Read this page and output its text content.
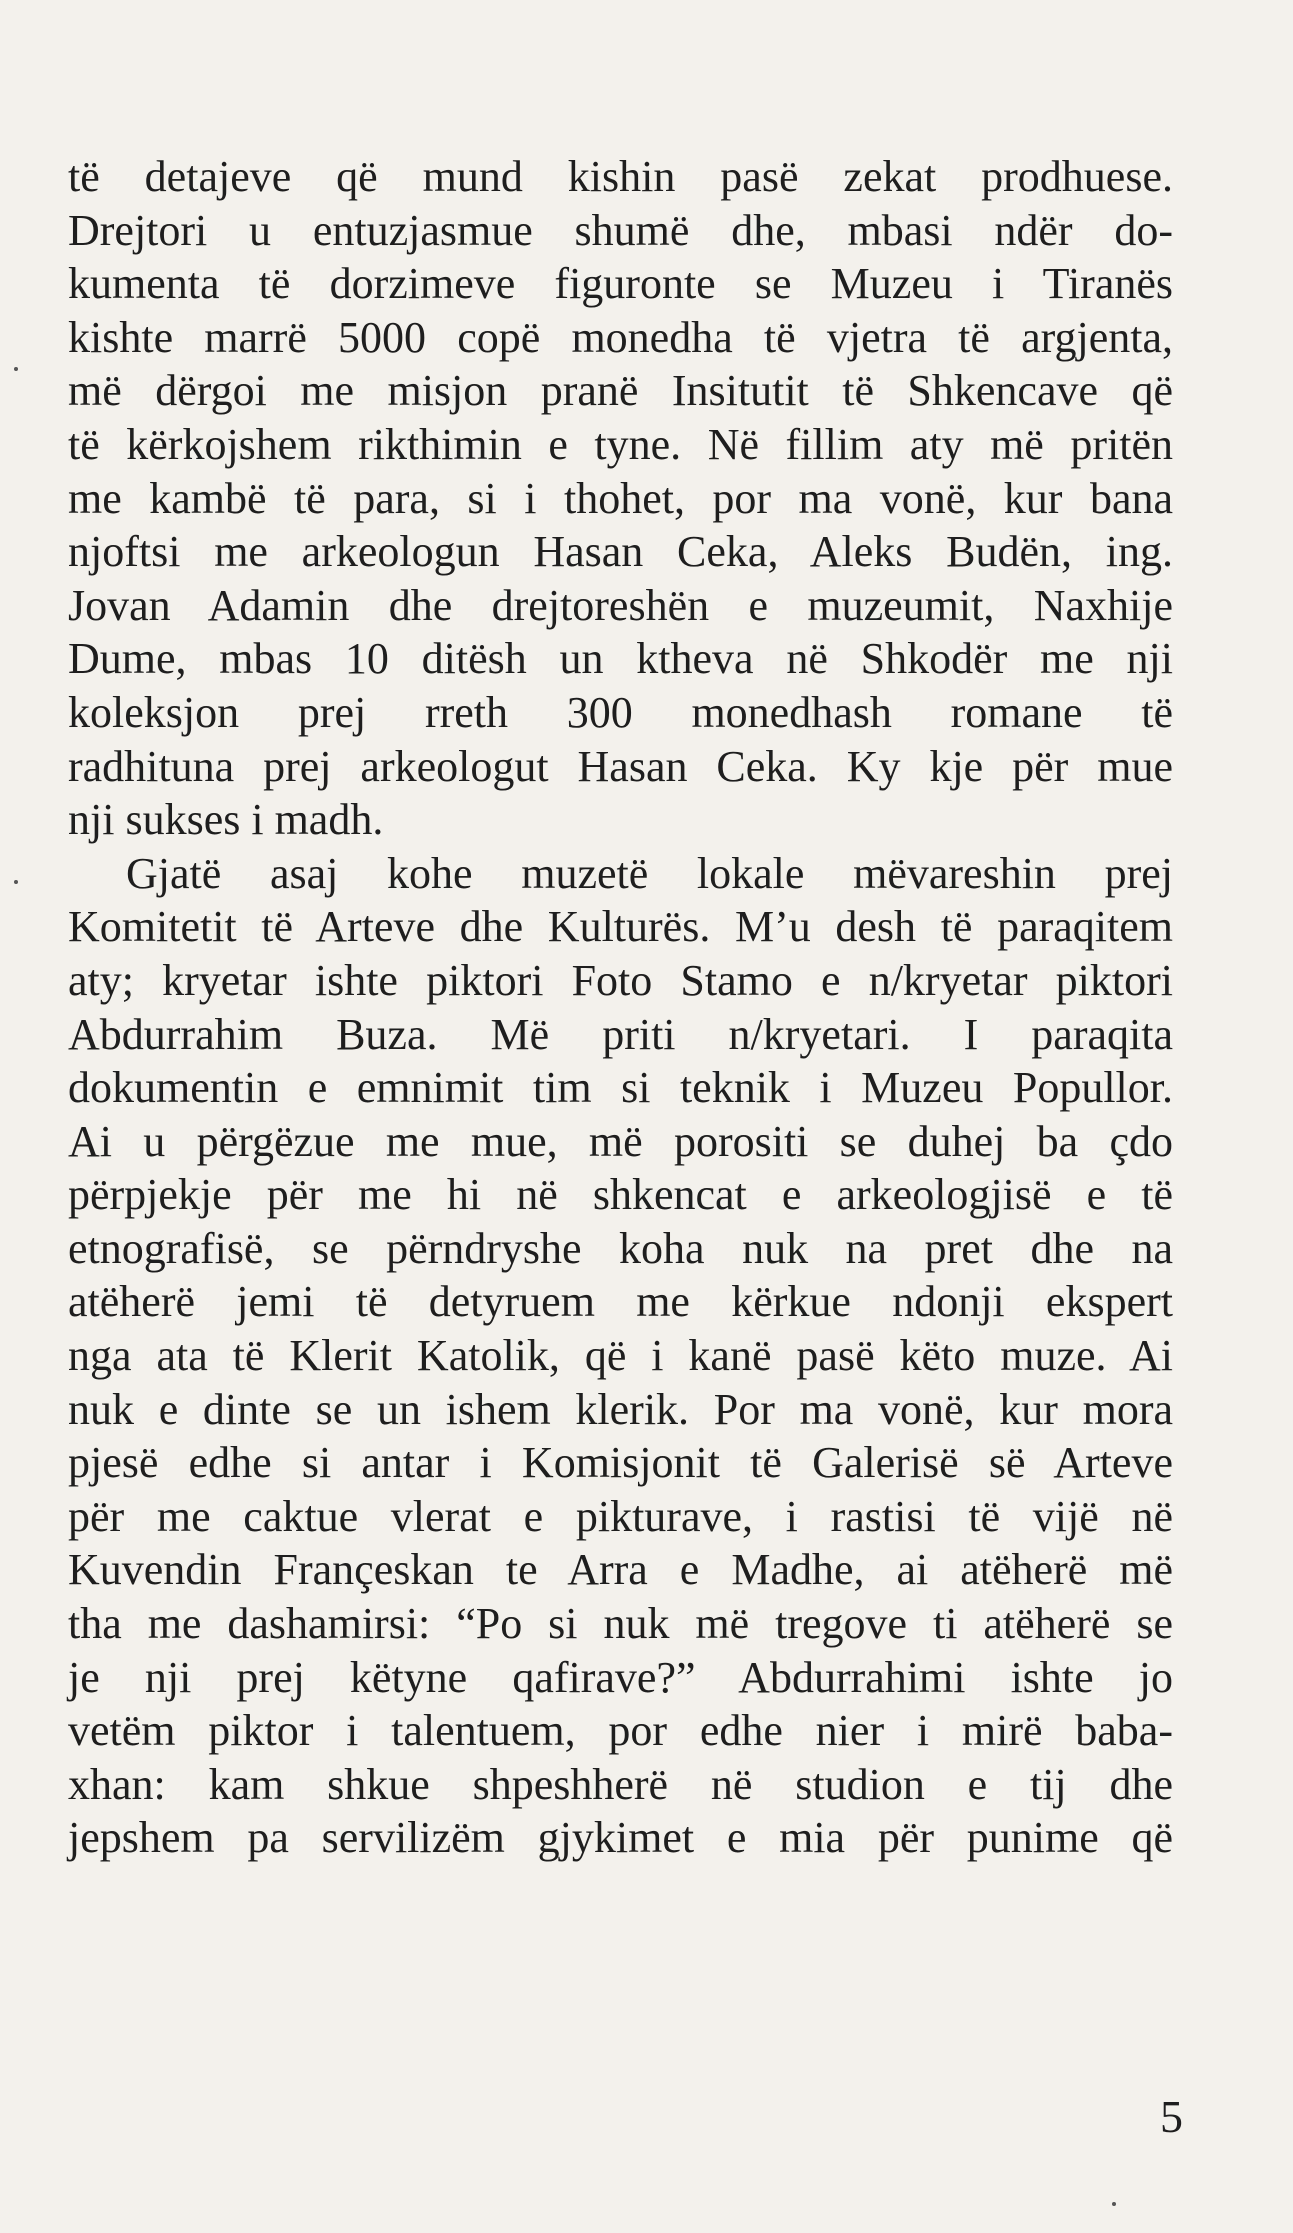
të detajeve që mund kishin pasë zekat prodhuese.
Drejtori u entuzjasmue shumë dhe, mbasi ndër do-
kumenta të dorzimeve figuronte se Muzeu i Tiranës
kishte marrë 5000 copë monedha të vjetra të argjenta,
më dërgoi me misjon pranë Insitutit të Shkencave që
të kërkojshem rikthimin e tyne. Në fillim aty më pritën
me kambë të para, si i thohet, por ma vonë, kur bana
njoftsi me arkeologun Hasan Ceka, Aleks Budën, ing.
Jovan Adamin dhe drejtoreshën e muzeumit, Naxhije
Dume, mbas 10 ditësh un ktheva në Shkodër me nji
koleksjon prej rreth 300 monedhash romane të
radhituna prej arkeologut Hasan Ceka. Ky kje për mue
nji sukses i madh.

Gjatë asaj kohe muzetë lokale mëvareshin prej
Komitetit të Arteve dhe Kulturës. M’u desh të paraqitem
aty; kryetar ishte piktori Foto Stamo e n/kryetar piktori
Abdurrahim Buza. Më priti n/kryetari. I paraqita
dokumentin e emnimit tim si teknik i Muzeu Popullor.
Ai u përgëzue me mue, më porositi se duhej ba çdo
përpjekje për me hi në shkencat e arkeologjisë e të
etnografisë, se përndryshe koha nuk na pret dhe na
atëherë jemi të detyruem me kërkue ndonji ekspert
nga ata të Klerit Katolik, që i kanë pasë këto muze. Ai
nuk e dinte se un ishem klerik. Por ma vonë, kur mora
pjesë edhe si antar i Komisjonit të Galerisë së Arteve
për me caktue vlerat e pikturave, i rastisi të vijë në
Kuvendin Françeskan te Arra e Madhe, ai atëherë më
tha me dashamirsi: “Po si nuk më tregove ti atëherë se
je nji prej këtyne qafirave?” Abdurrahimi ishte jo
vetëm piktor i talentuem, por edhe nier i mirë baba-
xhan: kam shkue shpeshherë në studion e tij dhe
jepshem pa servilizëm gjykimet e mia për punime që

5
